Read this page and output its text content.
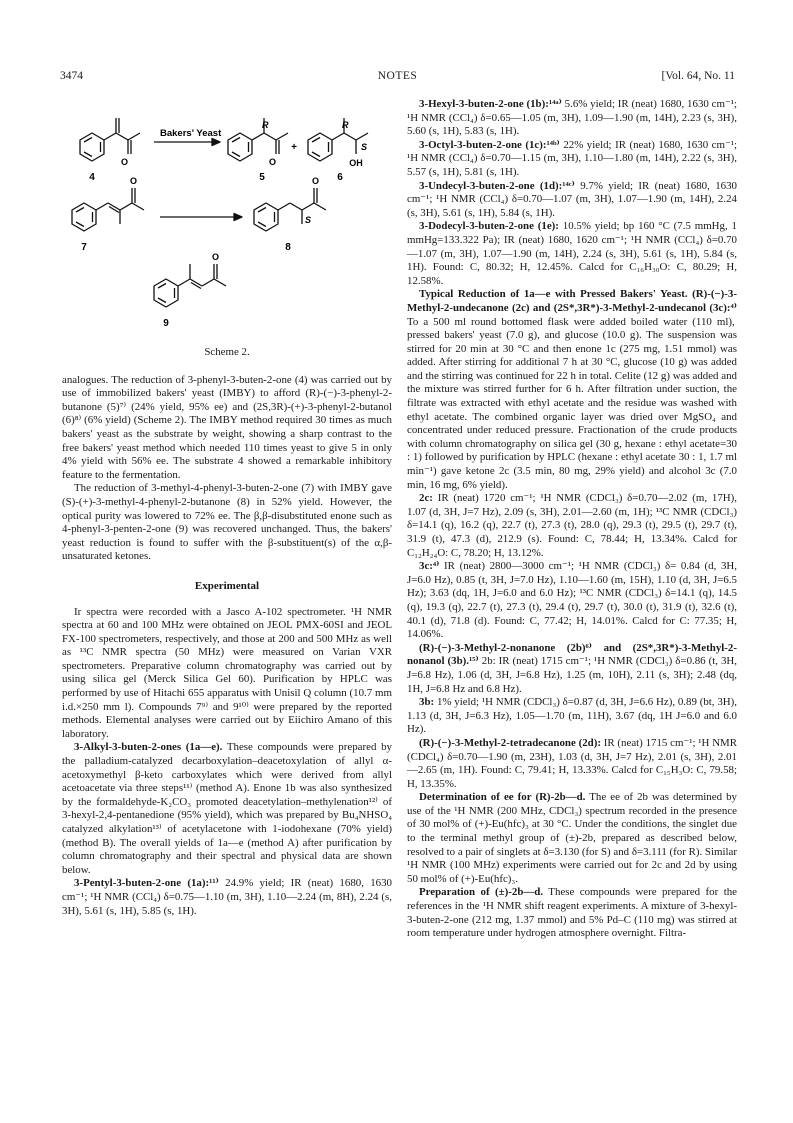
3474	NOTES	[Vol. 64, No. 11
Bakers' Yeast
O	O
R	R
S
OH
+
O	O
O
S
4	5	6
7	8
9
Scheme 2.

analogues. The reduction of 3-phenyl-3-buten-2-one (4) was carried out by use of immobilized bakers' yeast (IMBY) to afford (R)-(−)-3-phenyl-2-butanone (5)⁷⁾ (24% yield, 95% ee) and (2S,3R)-(+)-3-phenyl-2-butanol (6)⁸⁾ (6% yield) (Scheme 2). The IMBY method required 30 times as much bakers' yeast as the substrate by weight, showing a sharp contrast to the free bakers' yeast method which needed 110 times yeast to give 5 in only 4% yield with 56% ee. The substrate 4 showed a remarkable inhibitory feature to the fermentation.

The reduction of 3-methyl-4-phenyl-3-buten-2-one (7) with IMBY gave (S)-(+)-3-methyl-4-phenyl-2-butanone (8) in 52% yield. However, the optical purity was lowered to 72% ee. The β,β-disubstituted enone such as 4-phenyl-3-penten-2-one (9) was recovered unchanged. Thus, the bakers' yeast reduction is found to suffer with the β-substituent(s) of the α,β-unsaturated ketones.

Experimental

Ir spectra were recorded with a Jasco A-102 spectrometer. ¹H NMR spectra at 60 and 100 MHz were obtained on JEOL PMX-60SI and JEOL FX-100 spectrometers, respectively, and those at 200 and 500 MHz as well as ¹³C NMR spectra (50 MHz) were measured on Varian VXR spectrometers. Preparative column chromatography was carried out by using silica gel (Merck Silica Gel 60). Purification by HPLC was performed by use of Hitachi 655 apparatus with Unisil Q column (10.7 mm i.d.×250 mm l). Compounds 7⁹⁾ and 9¹⁰⁾ were prepared by the reported methods. Elemental analyses were carried out by Eiichiro Amano of this laboratory.

3-Alkyl-3-buten-2-ones (1a—e). These compounds were prepared by the palladium-catalyzed decarboxylation–deacetoxylation of allyl α-acetoxymethyl β-keto carboxylates which were derived from allyl acetoacetate via three steps¹¹⁾ (method A). Enone 1b was also synthesized by the formaldehyde-K₂CO₃ promoted deacetylation–methylenation¹²⁾ of 3-hexyl-2,4-pentanedione (95% yield), which was prepared by Bu₄NHSO₄ catalyzed alkylation¹³⁾ of acetylacetone with 1-iodohexane (70% yield) (method B). The overall yields of 1a—e (method A) after purification by column chromatography and their spectral and physical data are shown below.

3-Pentyl-3-buten-2-one (1a):¹¹⁾ 24.9% yield; IR (neat) 1680, 1630 cm⁻¹; ¹H NMR (CCl₄) δ=0.75—1.10 (m, 3H), 1.10—2.24 (m, 8H), 2.24 (s, 3H), 5.61 (s, 1H), 5.85 (s, 1H).

3-Hexyl-3-buten-2-one (1b):¹⁴ᵃ⁾ 5.6% yield; IR (neat) 1680, 1630 cm⁻¹; ¹H NMR (CCl₄) δ=0.65—1.05 (m, 3H), 1.09—1.90 (m, 14H), 2.23 (s, 3H), 5.60 (s, 1H), 5.83 (s, 1H).

3-Octyl-3-buten-2-one (1c):¹⁴ᵇ⁾ 22% yield; IR (neat) 1680, 1630 cm⁻¹; ¹H NMR (CCl₄) δ=0.70—1.15 (m, 3H), 1.10—1.80 (m, 14H), 2.22 (s, 3H), 5.57 (s, 1H), 5.81 (s, 1H).

3-Undecyl-3-buten-2-one (1d):¹⁴ᶜ⁾ 9.7% yield; IR (neat) 1680, 1630 cm⁻¹; ¹H NMR (CCl₄) δ=0.70—1.07 (m, 3H), 1.07—1.90 (m, 14H), 2.24 (s, 3H), 5.61 (s, 1H), 5.84 (s, 1H).

3-Dodecyl-3-buten-2-one (1e): 10.5% yield; bp 160 °C (7.5 mmHg, 1 mmHg=133.322 Pa); IR (neat) 1680, 1620 cm⁻¹; ¹H NMR (CCl₄) δ=0.70—1.07 (m, 3H), 1.07—1.90 (m, 14H), 2.24 (s, 3H), 5.61 (s, 1H), 5.84 (s, 1H). Found: C, 80.32; H, 12.45%. Calcd for C₁₆H₃₀O: C, 80.29; H, 12.58%.

Typical Reduction of 1a—e with Pressed Bakers' Yeast. (R)-(−)-3-Methyl-2-undecanone (2c) and (2S*,3R*)-3-Methyl-2-undecanol (3c):⁴⁾ To a 500 ml round bottomed flask were added boiled water (110 ml), pressed bakers' yeast (7.0 g), and glucose (10.0 g). The suspension was stirred for 20 min at 30 °C and then enone 1c (275 mg, 1.51 mmol) was added. After stirring for additional 7 h at 30 °C, glucose (10 g) was added and the stirring was continued for 22 h in total. Celite (12 g) was added and the mixture was stirred further for 6 h. After filtration under suction, the filtrate was extracted with ethyl acetate and the residue was washed with ethyl acetate. The combined organic layer was dried over MgSO₄ and concentrated under reduced pressure. Fractionation of the crude products with column chromatography on silica gel (30 g, hexane : ethyl acetate=30 : 1) followed by purification by HPLC (hexane : ethyl acetate 30 : 1, 1.7 ml min⁻¹) gave ketone 2c (3.5 min, 80 mg, 29% yield) and alcohol 3c (7.0 min, 16 mg, 6% yield).

2c: IR (neat) 1720 cm⁻¹; ¹H NMR (CDCl₃) δ=0.70—2.02 (m, 17H), 1.07 (d, 3H, J=7 Hz), 2.09 (s, 3H), 2.01—2.60 (m, 1H); ¹³C NMR (CDCl₃) δ=14.1 (q), 16.2 (q), 22.7 (t), 27.3 (t), 28.0 (q), 29.3 (t), 29.5 (t), 29.7 (t), 31.9 (t), 47.3 (d), 212.9 (s). Found: C, 78.44; H, 13.34%. Calcd for C₁₂H₂₄O: C, 78.20; H, 13.12%.

3c:⁴⁾ IR (neat) 2800—3000 cm⁻¹; ¹H NMR (CDCl₃) δ= 0.84 (d, 3H, J=6.0 Hz), 0.85 (t, 3H, J=7.0 Hz), 1.10—1.60 (m, 15H), 1.10 (d, 3H, J=6.5 Hz); 3.63 (dq, 1H, J=6.0 and 6.0 Hz); ¹³C NMR (CDCl₃) δ=14.1 (q), 14.5 (q), 19.3 (q), 22.7 (t), 27.3 (t), 29.4 (t), 29.7 (t), 30.0 (t), 31.9 (t), 32.6 (t), 40.1 (d), 71.8 (d). Found: C, 77.42; H, 14.01%. Calcd for C: 77.35; H, 14.06%.

(R)-(−)-3-Methyl-2-nonanone (2b)⁶⁾ and (2S*,3R*)-3-Methyl-2-nonanol (3b).¹⁵⁾ 2b: IR (neat) 1715 cm⁻¹; ¹H NMR (CDCl₃) δ=0.86 (t, 3H, J=6.8 Hz), 1.06 (d, 3H, J=6.8 Hz), 1.25 (m, 10H), 2.11 (s, 3H); 2.48 (dq, 1H, J=6.8 Hz and 6.8 Hz).

3b: 1% yield; ¹H NMR (CDCl₃) δ=0.87 (d, 3H, J=6.6 Hz), 0.89 (bt, 3H), 1.13 (d, 3H, J=6.3 Hz), 1.05—1.70 (m, 11H), 3.67 (dq, 1H J=6.0 and 6.0 Hz).

(R)-(−)-3-Methyl-2-tetradecanone (2d): IR (neat) 1715 cm⁻¹; ¹H NMR (CDCl₄) δ=0.70—1.90 (m, 23H), 1.03 (d, 3H, J=7 Hz), 2.01 (s, 3H), 2.01—2.65 (m, 1H). Found: C, 79.41; H, 13.33%. Calcd for C₁₅H₃O: C, 79.58; H, 13.35%.

Determination of ee for (R)-2b—d. The ee of 2b was determined by use of the ¹H NMR (200 MHz, CDCl₃) spectrum recorded in the presence of 30 mol% of (+)-Eu(hfc)₃ at 30 °C. Under the conditions, the singlet due to the terminal methyl group of (±)-2b, prepared as described below, resolved to a pair of singlets at δ=3.130 (for S) and δ=3.111 (for R). Similar ¹H NMR (100 MHz) experiments were carried out for 2c and 2d by using 50 mol% of (+)-Eu(hfc)₃.

Preparation of (±)-2b—d. These compounds were prepared for the references in the ¹H NMR shift reagent experiments. A mixture of 3-hexyl-3-buten-2-one (212 mg, 1.37 mmol) and 5% Pd–C (110 mg) was stirred at room temperature under hydrogen atmosphere overnight. Filtra-
